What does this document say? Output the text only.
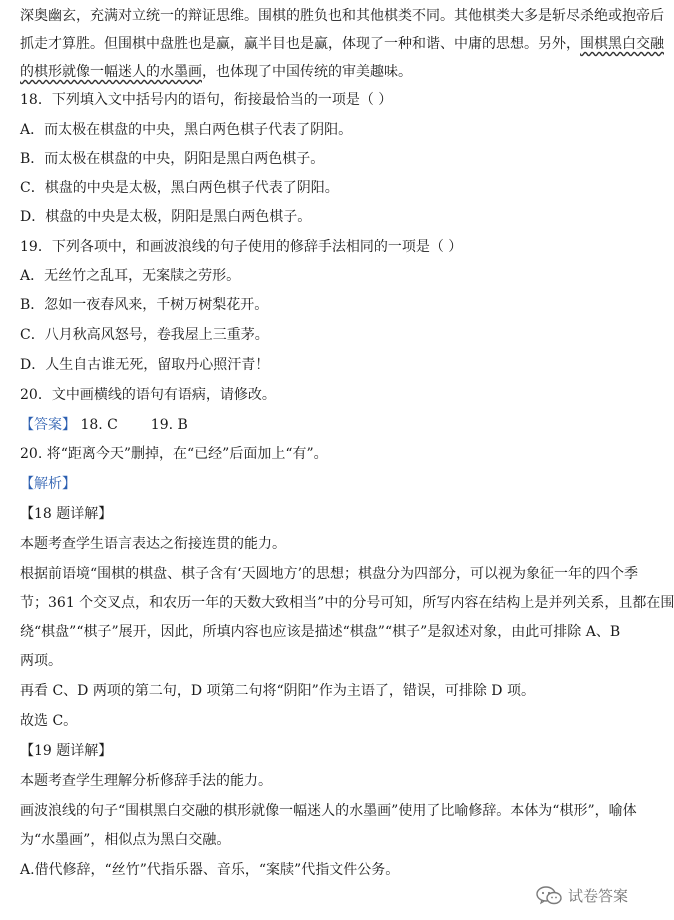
深奥幽玄，充满对立统一的辩证思维。围棋的胜负也和其他棋类不同。其他棋类大多是斩尽杀绝或抱帝后
抓走才算胜。但围棋中盘胜也是赢，赢半目也是赢，体现了一种和谐、中庸的思想。另外，围棋黑白交融
的棋形就像一幅迷人的水墨画，也体现了中国传统的审美趣味。
18．下列填入文中括号内的语句，衔接最恰当的一项是（ ）
A．而太极在棋盘的中央，黑白两色棋子代表了阴阳。
B．而太极在棋盘的中央，阴阳是黑白两色棋子。
C．棋盘的中央是太极，黑白两色棋子代表了阴阳。
D．棋盘的中央是太极，阴阳是黑白两色棋子。
19．下列各项中，和画波浪线的句子使用的修辞手法相同的一项是（ ）
A．无丝竹之乱耳，无案牍之劳形。
B．忽如一夜春风来，千树万树梨花开。
C．八月秋高风怒号，卷我屋上三重茅。
D．人生自古谁无死，留取丹心照汗青！
20．文中画横线的语句有语病，请修改。
【答案】 18. C 19. B
20. 将“距离今天”删掉，在“已经”后面加上“有”。
【解析】
【18 题详解】
本题考查学生语言表达之衔接连贯的能力。
根据前语境“围棋的棋盘、棋子含有‘天圆地方’的思想；棋盘分为四部分，可以视为象征一年的四个季
节；361 个交叉点，和农历一年的天数大致相当”中的分号可知，所写内容在结构上是并列关系，且都在围
绕“棋盘”“棋子”展开，因此，所填内容也应该是描述“棋盘”“棋子”是叙述对象，由此可排除 A、B
两项。
再看 C、D 两项的第二句，D 项第二句将“阴阳”作为主语了，错误，可排除 D 项。
故选 C。
【19 题详解】
本题考查学生理解分析修辞手法的能力。
画波浪线的句子“围棋黑白交融的棋形就像一幅迷人的水墨画”使用了比喻修辞。本体为“棋形”，喻体
为“水墨画”，相似点为黑白交融。
A.借代修辞，“丝竹”代指乐器、音乐，“案牍”代指文件公务。
试卷答案
